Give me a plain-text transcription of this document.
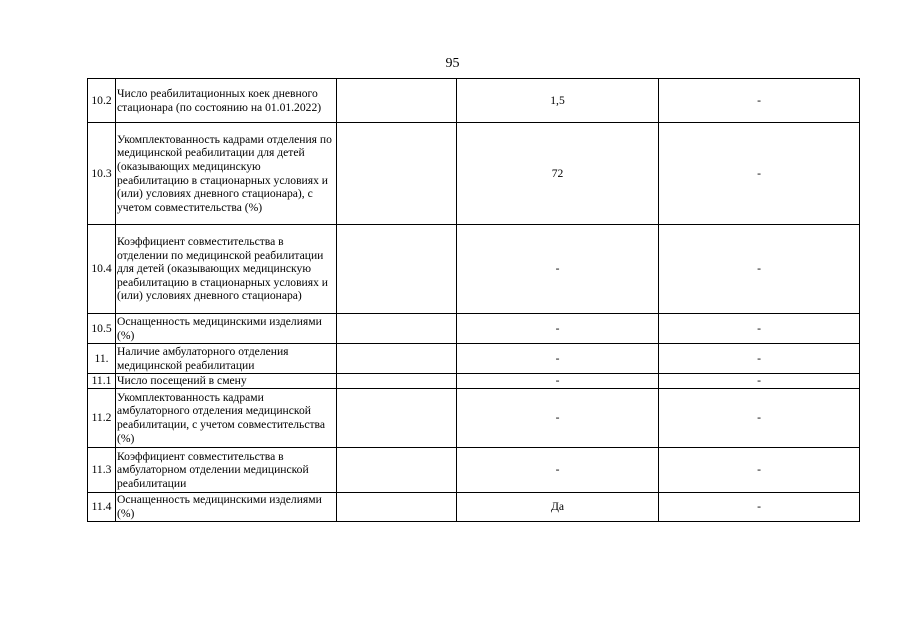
95
10.2	Число реабилитационных коек дневного стационара (по состоянию на 01.01.2022)		1,5	-
10.3	Укомплектованность кадрами отделения по медицинской реабилитации для детей (оказывающих медицинскую реабилитацию в стационарных условиях и (или) условиях дневного стационара), с учетом совместительства (%)		72	-
10.4	Коэффициент совместительства в отделении по медицинской реабилитации для детей (оказывающих медицинскую реабилитацию в стационарных условиях и (или) условиях дневного стационара)		-	-
10.5	Оснащенность медицинскими изделиями (%)		-	-
11.	Наличие амбулаторного отделения медицинской реабилитации		-	-
11.1	Число посещений в смену		-	-
11.2	Укомплектованность кадрами амбулаторного отделения медицинской реабилитации, с учетом совместительства (%)		-	-
11.3	Коэффициент совместительства в амбулаторном отделении медицинской реабилитации		-	-
11.4	Оснащенность медицинскими изделиями (%)		Да	-
